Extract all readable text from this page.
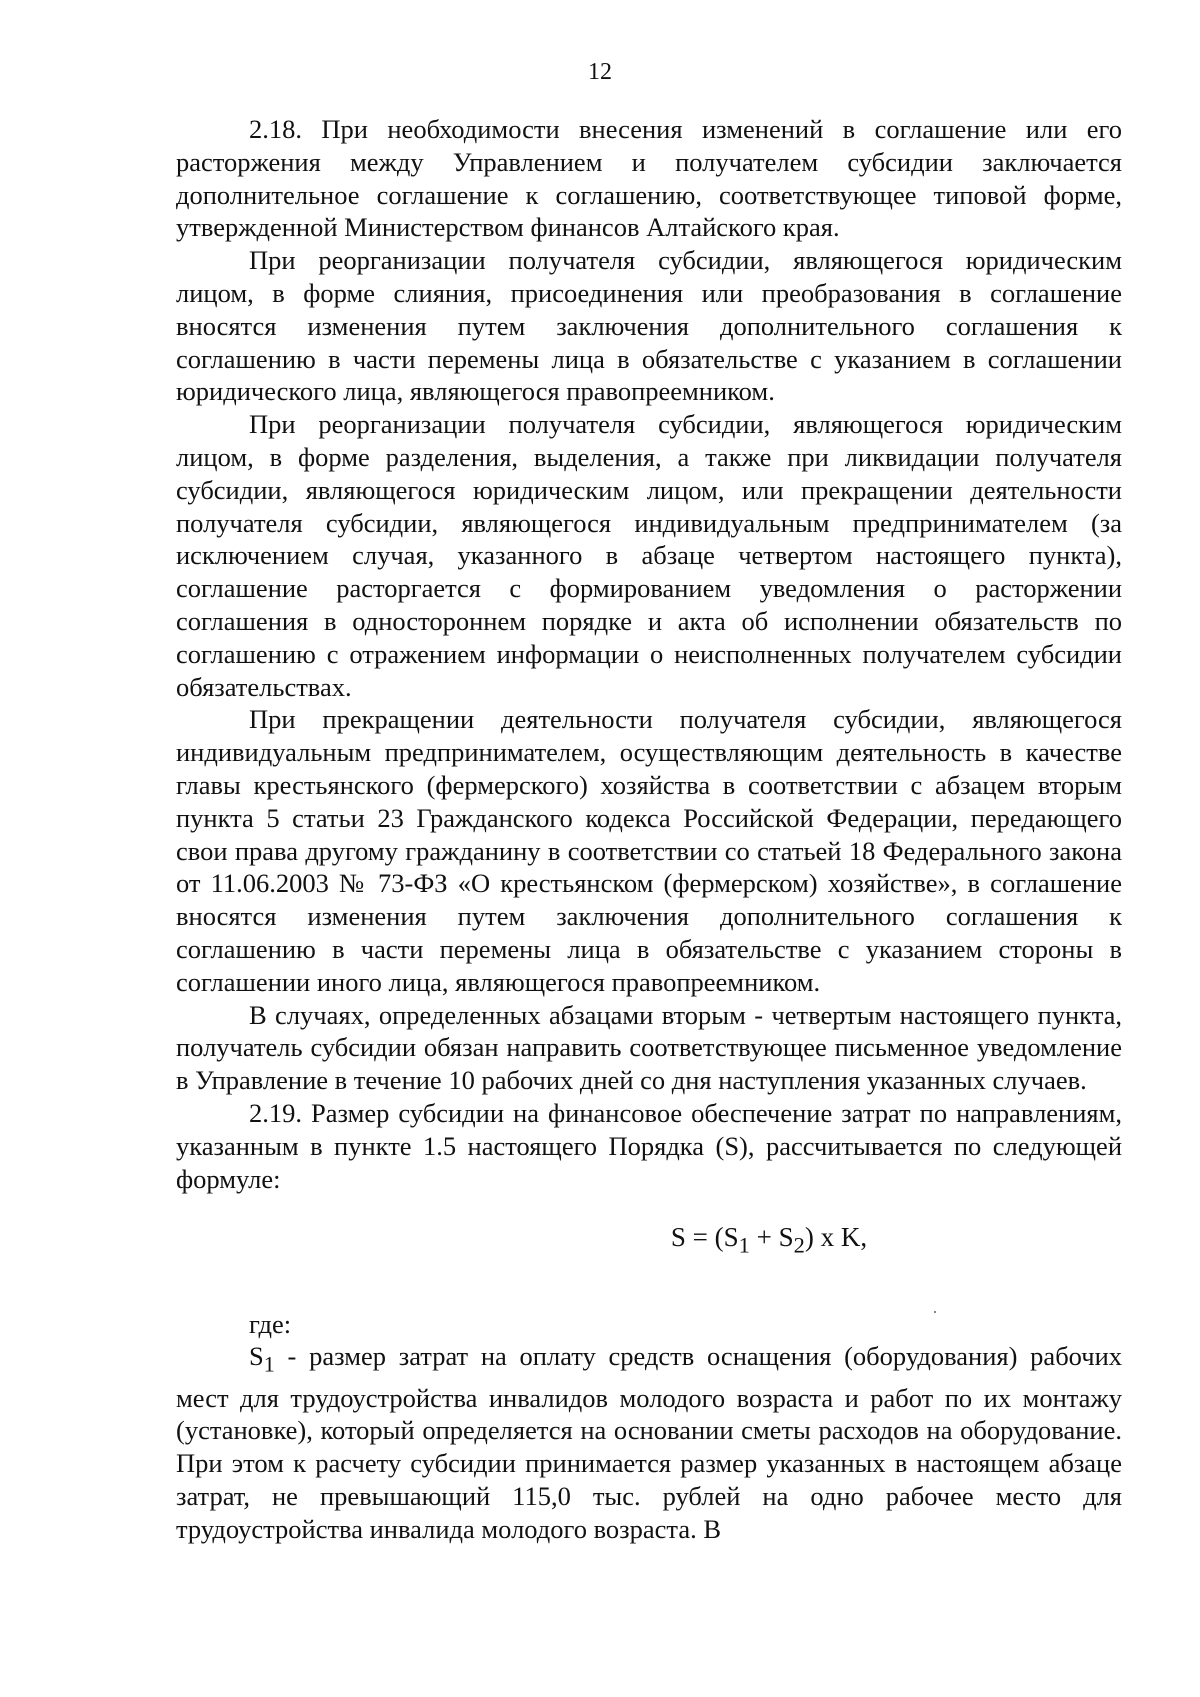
12

2.18. При необходимости внесения изменений в соглашение или его расторжения между Управлением и получателем субсидии заключается дополнительное соглашение к соглашению, соответствующее типовой форме, утвержденной Министерством финансов Алтайского края.

При реорганизации получателя субсидии, являющегося юридическим лицом, в форме слияния, присоединения или преобразования в соглашение вносятся изменения путем заключения дополнительного соглашения к соглашению в части перемены лица в обязательстве с указанием в соглашении юридического лица, являющегося правопреемником.

При реорганизации получателя субсидии, являющегося юридическим лицом, в форме разделения, выделения, а также при ликвидации получателя субсидии, являющегося юридическим лицом, или прекращении деятельности получателя субсидии, являющегося индивидуальным предпринимателем (за исключением случая, указанного в абзаце четвертом настоящего пункта), соглашение расторгается с формированием уведомления о расторжении соглашения в одностороннем порядке и акта об исполнении обязательств по соглашению с отражением информации о неисполненных получателем субсидии обязательствах.

При прекращении деятельности получателя субсидии, являющегося индивидуальным предпринимателем, осуществляющим деятельность в качестве главы крестьянского (фермерского) хозяйства в соответствии с абзацем вторым пункта 5 статьи 23 Гражданского кодекса Российской Федерации, передающего свои права другому гражданину в соответствии со статьей 18 Федерального закона от 11.06.2003 № 73-ФЗ «О крестьянском (фермерском) хозяйстве», в соглашение вносятся изменения путем заключения дополнительного соглашения к соглашению в части перемены лица в обязательстве с указанием стороны в соглашении иного лица, являющегося правопреемником.

В случаях, определенных абзацами вторым - четвертым настоящего пункта, получатель субсидии обязан направить соответствующее письменное уведомление в Управление в течение 10 рабочих дней со дня наступления указанных случаев.

2.19. Размер субсидии на финансовое обеспечение затрат по направлениям, указанным в пункте 1.5 настоящего Порядка (S), рассчитывается по следующей формуле:

$S = (S_1 + S_2)$ x K,

где:

$S_1$ - размер затрат на оплату средств оснащения (оборудования) рабочих мест для трудоустройства инвалидов молодого возраста и работ по их монтажу (установке), который определяется на основании сметы расходов на оборудование. При этом к расчету субсидии принимается размер указанных в настоящем абзаце затрат, не превышающий 115,0 тыс. рублей на одно рабочее место для трудоустройства инвалида молодого возраста. В
